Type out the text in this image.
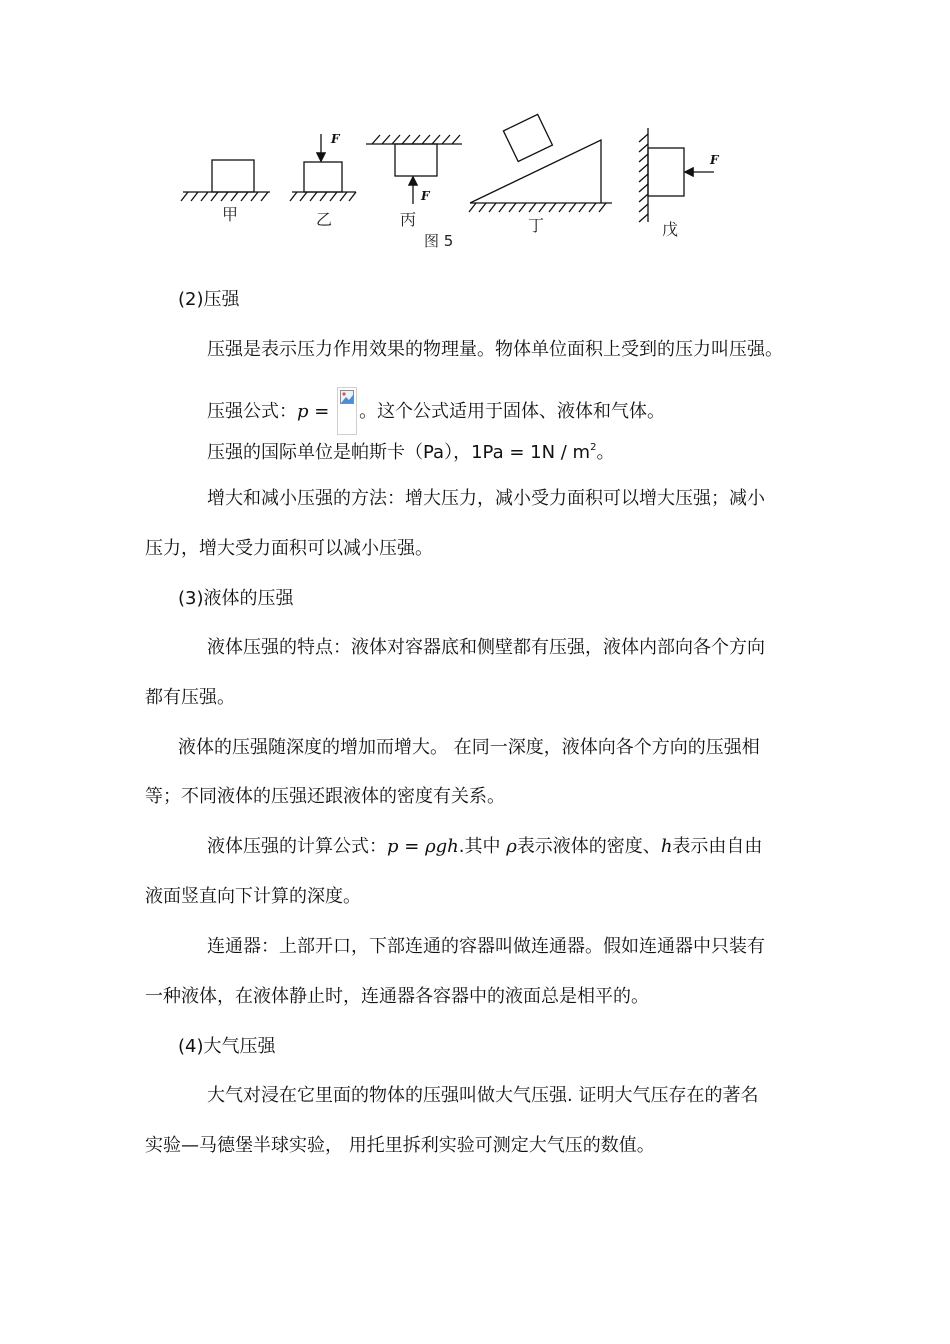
F
F
F
甲	乙	丙	丁	戊
图 5
(2)压强
压强是表示压力作用效果的物理量。物体单位面积上受到的压力叫压强。
压强公式：p =
。这个公式适用于固体、液体和气体。
压强的国际单位是帕斯卡（Pa），$1Pa = 1N / m^2$。
增大和减小压强的方法：增大压力，减小受力面积可以增大压强；减小
压力，增大受力面积可以减小压强。
(3)液体的压强
液体压强的特点：液体对容器底和侧壁都有压强，液体内部向各个方向
都有压强。
液体的压强随深度的增加而增大。 在同一深度，液体向各个方向的压强相
等；不同液体的压强还跟液体的密度有关系。
液体压强的计算公式：p = ρgh.其中 ρ表示液体的密度、h表示由自由
液面竖直向下计算的深度。
连通器：上部开口，下部连通的容器叫做连通器。假如连通器中只装有
一种液体，在液体静止时，连通器各容器中的液面总是相平的。
(4)大气压强
大气对浸在它里面的物体的压强叫做大气压强. 证明大气压存在的著名
实验—马德堡半球实验， 用托里拆利实验可测定大气压的数值。
